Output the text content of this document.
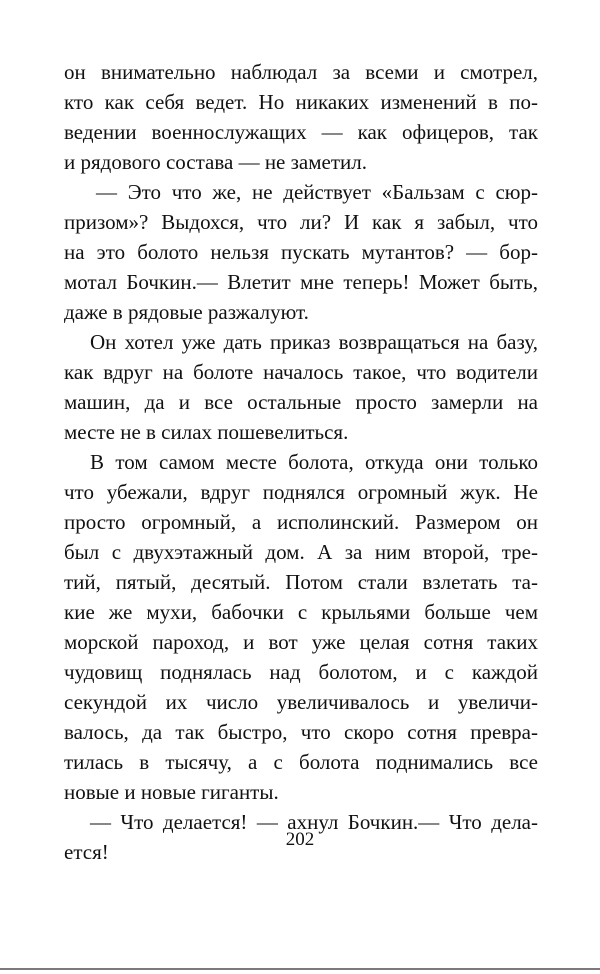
он внимательно наблюдал за всеми и смотрел,
кто как себя ведет. Но никаких изменений в по-
ведении военнослужащих — как офицеров, так
и рядового состава — не заметил.
— Это что же, не действует «Бальзам с сюр-
призом»? Выдохся, что ли? И как я забыл, что
на это болото нельзя пускать мутантов? — бор-
мотал Бочкин.— Влетит мне теперь! Может быть,
даже в рядовые разжалуют.
Он хотел уже дать приказ возвращаться на базу,
как вдруг на болоте началось такое, что водители
машин, да и все остальные просто замерли на
месте не в силах пошевелиться.
В том самом месте болота, откуда они только
что убежали, вдруг поднялся огромный жук. Не
просто огромный, а исполинский. Размером он
был с двухэтажный дом. А за ним второй, тре-
тий, пятый, десятый. Потом стали взлетать та-
кие же мухи, бабочки с крыльями больше чем
морской пароход, и вот уже целая сотня таких
чудовищ поднялась над болотом, и с каждой
секундой их число увеличивалось и увеличи-
валось, да так быстро, что скоро сотня превра-
тилась в тысячу, а с болота поднимались все
новые и новые гиганты.
— Что делается! — ахнул Бочкин.— Что дела-
ется!
202
